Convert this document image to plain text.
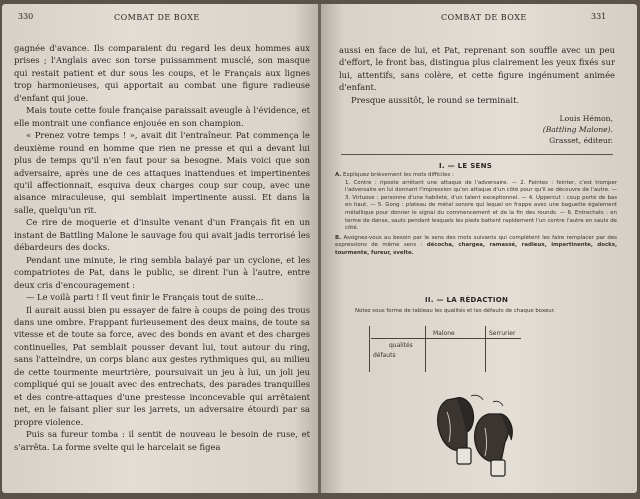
330	COMBAT DE BOXE

gagnée d'avance. Ils comparaient du regard les deux hommes aux prises ; l'Anglais avec son torse puissamment musclé, son masque qui restait patient et dur sous les coups, et le Français aux lignes trop harmonieuses, qui apportait au combat une figure radieuse d'enfant qui joue.

Mais toute cette foule française paraissait aveugle à l'évidence, et elle montrait une confiance enjouée en son champion.

« Prenez votre temps ! », avait dit l'entraîneur. Pat commença le deuxième round en homme que rien ne presse et qui a devant lui plus de temps qu'il n'en faut pour sa besogne. Mais voici que son adversaire, après une de ces attaques inattendues et impertinentes qu'il affectionnait, esquiva deux charges coup sur coup, avec une aisance miraculeuse, qui semblait impertinente aussi. Et dans la salle, quelqu'un rit.

Ce rire de moquerie et d'insulte venant d'un Français fit en un instant de Battling Malone le sauvage fou qui avait jadis terrorisé les débardeurs des docks.

Pendant une minute, le ring sembla balayé par un cyclone, et les compatriotes de Pat, dans le public, se dirent l'un à l'autre, entre deux cris d'encouragement :

— Le voilà parti ! Il veut finir le Français tout de suite...

Il aurait aussi bien pu essayer de faire à coups de poing des trous dans une ombre. Frappant furieusement des deux mains, de toute sa vitesse et de toute sa force, avec des bonds en avant et des charges continuelles, Pat semblait pousser devant lui, tout autour du ring, sans l'atteindre, un corps blanc aux gestes rythmiques qui, au milieu de cette tourmente meurtrière, poursuivait un jeu à lui, un joli jeu compliqué qui se jouait avec des entrechats, des parades tranquilles et des contre-attaques d'une prestesse inconcevable qui arrêtaient net, en le faisant plier sur les jarrets, un adversaire étourdi par sa propre violence.

Puis sa fureur tomba : il sentit de nouveau le besoin de ruse, et s'arrêta. La forme svelte qui le harcelait se figea

COMBAT DE BOXE	331

aussi en face de lui, et Pat, reprenant son souffle avec un peu d'effort, le front bas, distingua plus clairement les yeux fixés sur lui, attentifs, sans colère, et cette figure ingénument animée d'enfant.

Presque aussitôt, le round se terminait.

Louis Hémon,
(Battling Malone).
Grasset, éditeur.
I. — LE SENS
A. Expliquez brièvement les mots difficiles :
1. Contre : riposte arrêtant une attaque de l'adversaire. — 2. Feintes : feinter, c'est tromper l'adversaire en lui donnant l'impression qu'on attaque d'un côté pour qu'il se découvre de l'autre. — 3. Virtuose : personne d'une habileté, d'un talent exceptionnel. — 4. Uppercut : coup porté de bas en haut. — 5. Gong : plateau de métal sonore qui lequel on frappe avec une baguette également métallique pour donner le signal du commencement et de la fin des rounds. — 6. Entrechats : en terme de danse, sauts pendant lesquels les pieds battent rapidement l'un contre l'autre en sauts de côté.
B. Assignez-vous au besoin par le sens des mots suivants qui complètent les faire remplacer par des expressions de même sens : décocha, chargea, ramassé, radieux, impertinente, docks, tourmente, fureur, svelte.
II. — LA RÉDACTION
Notez sous forme de tableau les qualités et les défauts de chaque boxeur.
Malone	Serrurier
qualités
défauts
